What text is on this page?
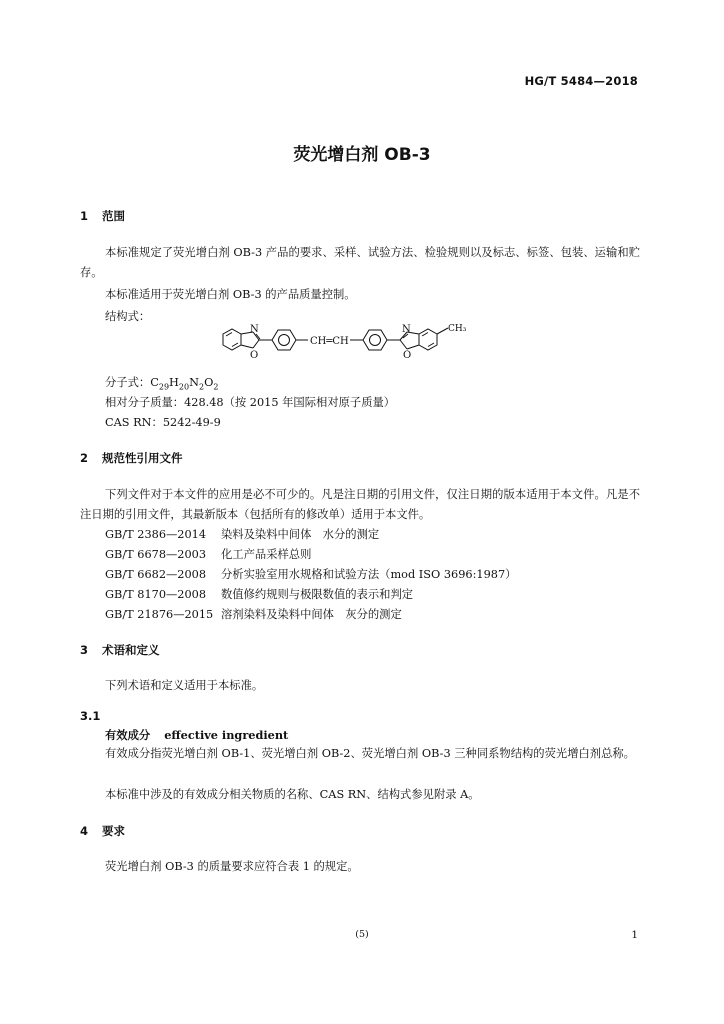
HG/T 5484—2018
荧光增白剂 OB-3
1 范围
本标准规定了荧光增白剂 OB-3 产品的要求、采样、试验方法、检验规则以及标志、标签、包装、运输和贮存。
本标准适用于荧光增白剂 OB-3 的产品质量控制。
结构式：
N
O
CH═CH
N
O
CH₃
分子式：$C_{29}H_{20}N_2O_2$
相对分子质量：428.48（按 2015 年国际相对原子质量）
CAS RN：5242-49-9
2 规范性引用文件
下列文件对于本文件的应用是必不可少的。凡是注日期的引用文件，仅注日期的版本适用于本文件。凡是不注日期的引用文件，其最新版本（包括所有的修改单）适用于本文件。
GB/T 2386—2014 染料及染料中间体　水分的测定
GB/T 6678—2003 化工产品采样总则
GB/T 6682—2008 分析实验室用水规格和试验方法（mod ISO 3696:1987）
GB/T 8170—2008 数值修约规则与极限数值的表示和判定
GB/T 21876—2015 溶剂染料及染料中间体　灰分的测定
3 术语和定义
下列术语和定义适用于本标准。
3.1
有效成分 effective ingredient
有效成分指荧光增白剂 OB-1、荧光增白剂 OB-2、荧光增白剂 OB-3 三种同系物结构的荧光增白剂总称。
本标准中涉及的有效成分相关物质的名称、CAS RN、结构式参见附录 A。
4 要求
荧光增白剂 OB-3 的质量要求应符合表 1 的规定。
(5)	1
